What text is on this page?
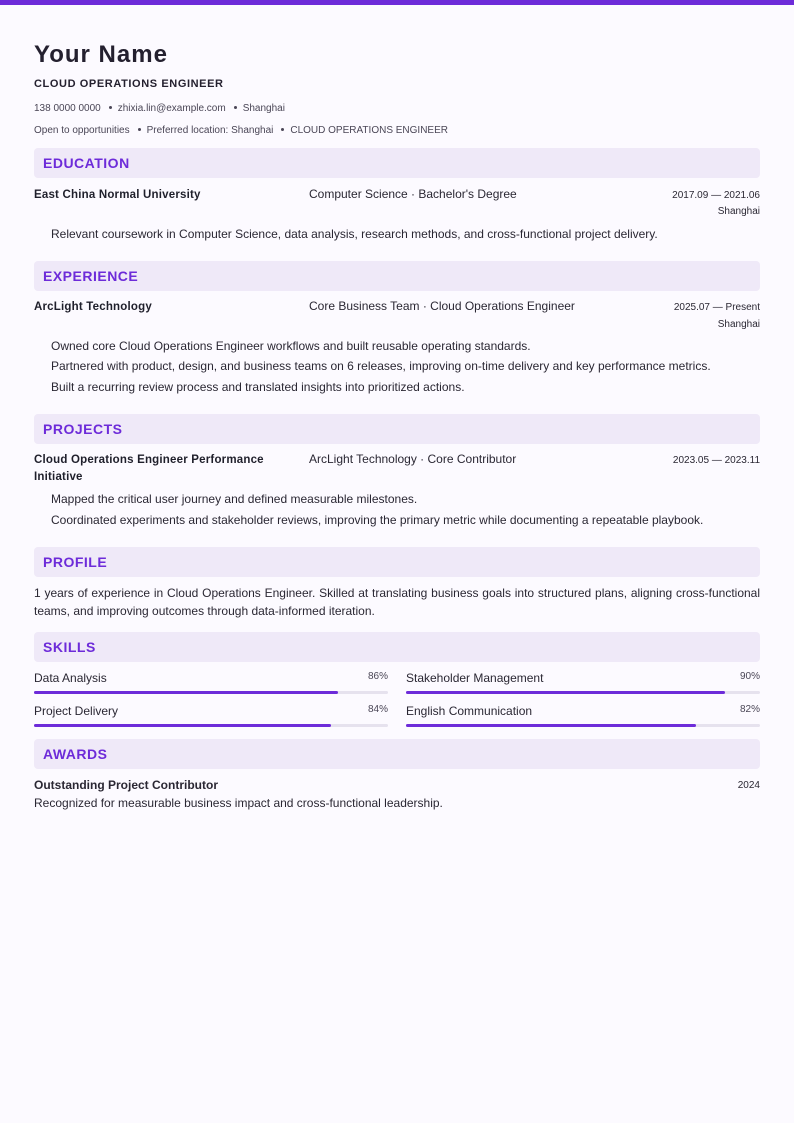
Your Name
CLOUD OPERATIONS ENGINEER
138 0000 0000 zhixia.lin@example.com Shanghai
Open to opportunities Preferred location: Shanghai CLOUD OPERATIONS ENGINEER
EDUCATION
East China Normal University	Computer Science · Bachelor's Degree	2017.09 — 2021.06
Shanghai
Relevant coursework in Computer Science, data analysis, research methods, and cross-functional project delivery.
EXPERIENCE
ArcLight Technology	Core Business Team · Cloud Operations Engineer	2025.07 — Present
Shanghai
Owned core Cloud Operations Engineer workflows and built reusable operating standards.
Partnered with product, design, and business teams on 6 releases, improving on-time delivery and key performance metrics.
Built a recurring review process and translated insights into prioritized actions.
PROJECTS
Cloud Operations Engineer Performance
Initiative
ArcLight Technology · Core Contributor	2023.05 — 2023.11
Mapped the critical user journey and defined measurable milestones.
Coordinated experiments and stakeholder reviews, improving the primary metric while documenting a repeatable playbook.
PROFILE
1 years of experience in Cloud Operations Engineer. Skilled at translating business goals into structured plans, aligning cross-functional teams, and improving outcomes through data-informed iteration.
SKILLS
Data Analysis	86% Stakeholder Management	90%
Project Delivery	84% English Communication	82%
AWARDS
Outstanding Project Contributor	2024
Recognized for measurable business impact and cross-functional leadership.
